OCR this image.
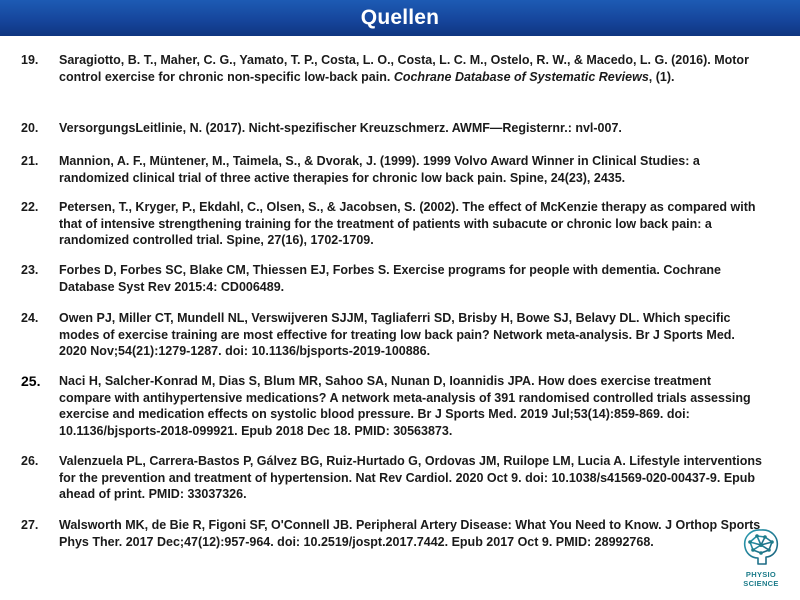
Quellen
19.	Saragiotto, B. T., Maher, C. G., Yamato, T. P., Costa, L. O., Costa, L. C. M., Ostelo, R. W., & Macedo, L. G. (2016). Motor control exercise for chronic non-specific low-back pain. Cochrane Database of Systematic Reviews, (1).
20.	VersorgungsLeitlinie, N. (2017). Nicht-spezifischer Kreuzschmerz. AWMF—Registernr.: nvl-007.
21.	Mannion, A. F., Müntener, M., Taimela, S., & Dvorak, J. (1999). 1999 Volvo Award Winner in Clinical Studies: a randomized clinical trial of three active therapies for chronic low back pain. Spine, 24(23), 2435.
22.	Petersen, T., Kryger, P., Ekdahl, C., Olsen, S., & Jacobsen, S. (2002). The effect of McKenzie therapy as compared with that of intensive strengthening training for the treatment of patients with subacute or chronic low back pain: a randomized controlled trial. Spine, 27(16), 1702-1709.
23.	Forbes D, Forbes SC, Blake CM, Thiessen EJ, Forbes S. Exercise programs for people with dementia. Cochrane Database Syst Rev 2015:4: CD006489.
24.	Owen PJ, Miller CT, Mundell NL, Verswijveren SJJM, Tagliaferri SD, Brisby H, Bowe SJ, Belavy DL. Which specific modes of exercise training are most effective for treating low back pain? Network meta-analysis. Br J Sports Med. 2020 Nov;54(21):1279-1287. doi: 10.1136/bjsports-2019-100886.
25.	Naci H, Salcher-Konrad M, Dias S, Blum MR, Sahoo SA, Nunan D, Ioannidis JPA. How does exercise treatment compare with antihypertensive medications? A network meta-analysis of 391 randomised controlled trials assessing exercise and medication effects on systolic blood pressure. Br J Sports Med. 2019 Jul;53(14):859-869. doi: 10.1136/bjsports-2018-099921. Epub 2018 Dec 18. PMID: 30563873.
26.	Valenzuela PL, Carrera-Bastos P, Gálvez BG, Ruiz-Hurtado G, Ordovas JM, Ruilope LM, Lucia A. Lifestyle interventions for the prevention and treatment of hypertension. Nat Rev Cardiol. 2020 Oct 9. doi: 10.1038/s41569-020-00437-9. Epub ahead of print. PMID: 33037326.
27.	Walsworth MK, de Bie R, Figoni SF, O'Connell JB. Peripheral Artery Disease: What You Need to Know. J Orthop Sports Phys Ther. 2017 Dec;47(12):957-964. doi: 10.2519/jospt.2017.7442. Epub 2017 Oct 9. PMID: 28992768.
PHYSIO
SCIENCE
